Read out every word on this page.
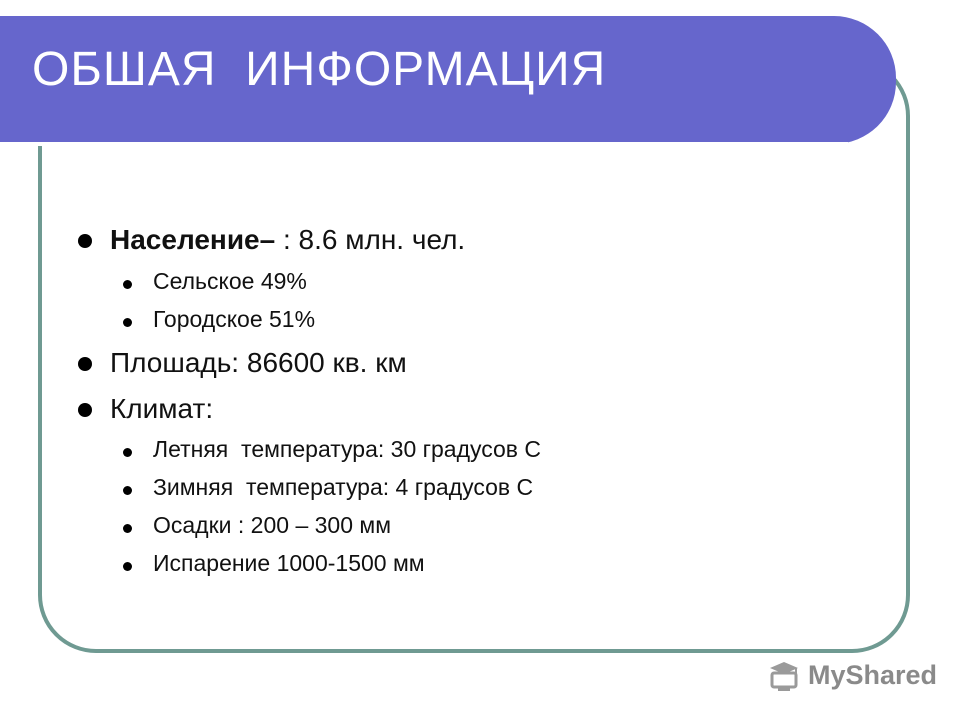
ОБШАЯ  ИНФОРМАЦИЯ
Население– : 8.6 млн. чел.
Сельское 49%
Городское 51%
Плошадь: 86600 кв. км
Климат:
Летняя  температура: 30 градусов С
Зимняя  температура: 4 градусов С
Осадки : 200 – 300 мм
Испарение 1000-1500 мм
MyShared
